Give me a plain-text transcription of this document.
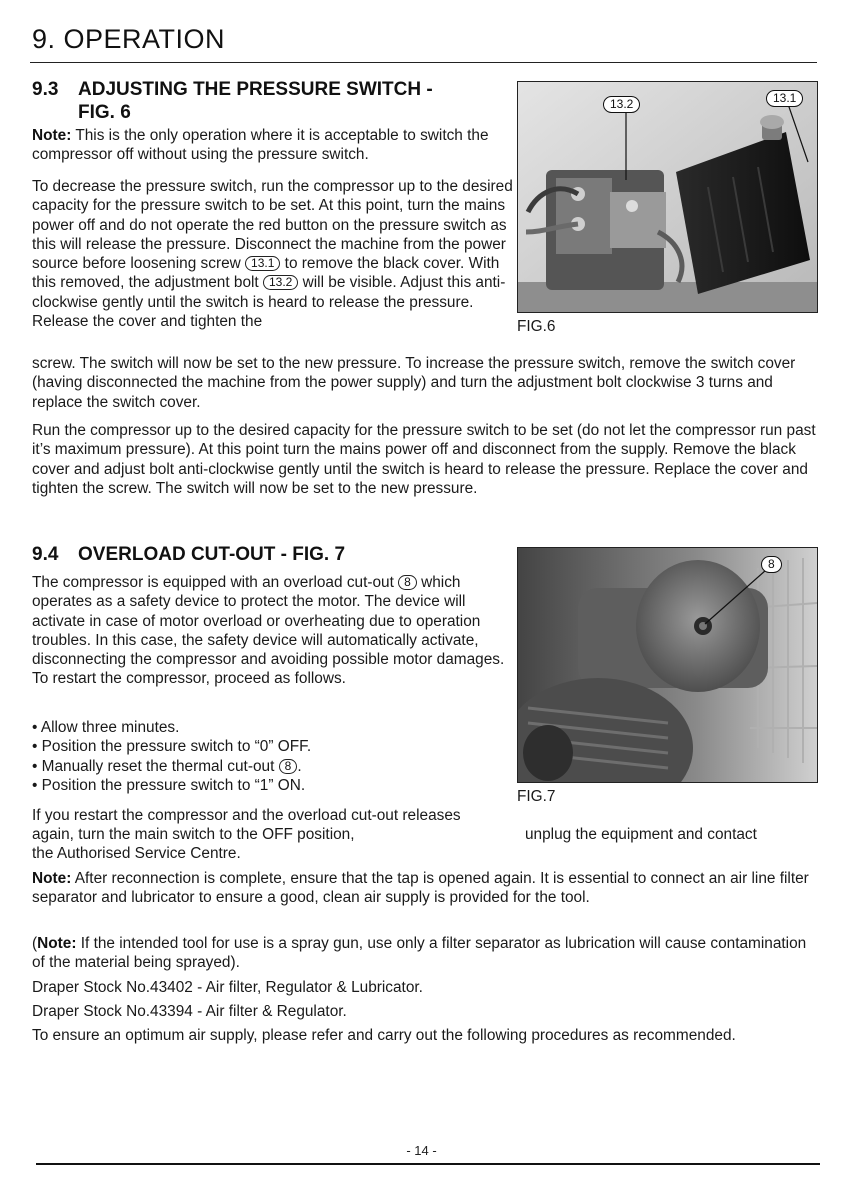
9. OPERATION
9.3 ADJUSTING THE PRESSURE SWITCH -
FIG. 6
Note: This is the only operation where it is acceptable to switch the compressor off without using the pressure switch.
To decrease the pressure switch, run the compressor up to the desired capacity for the pressure switch to be set. At this point, turn the mains power off and do not operate the red button on the pressure switch as this will release the pressure. Disconnect the machine from the power source before loosening screw 13.1 to remove the black cover. With this removed, the adjustment bolt 13.2 will be visible. Adjust this anti-clockwise gently until the switch is heard to release the pressure. Release the cover and tighten the
screw. The switch will now be set to the new pressure. To increase the pressure switch, remove the switch cover (having disconnected the machine from the power supply) and turn the adjustment bolt clockwise 3 turns and replace the switch cover.
Run the compressor up to the desired capacity for the pressure switch to be set (do not let the compressor run past it’s maximum pressure). At this point turn the mains power off and disconnect from the supply. Remove the black cover and adjust bolt anti-clockwise gently until the switch is heard to release the pressure. Replace the cover and tighten the screw. The switch will now be set to the new pressure.
13.2	13.1
FIG.6
9.4 OVERLOAD CUT-OUT - FIG. 7
The compressor is equipped with an overload cut-out 8 which operates as a safety device to protect the motor. The device will activate in case of motor overload or overheating due to operation troubles. In this case, the safety device will automatically activate, disconnecting the compressor and avoiding possible motor damages. To restart the compressor, proceed as follows.
• Allow three minutes.
• Position the pressure switch to “0” OFF.
• Manually reset the thermal cut-out 8 .
• Position the pressure switch to “1” ON.
If you restart the compressor and the overload cut-out releases again, turn the main switch to the OFF position,	unplug the equipment and contact
the Authorised Service Centre.
Note: After reconnection is complete, ensure that the tap is opened again. It is essential to connect an air line filter separator and lubricator to ensure a good, clean air supply is provided for the tool.
(Note: If the intended tool for use is a spray gun, use only a filter separator as lubrication will cause contamination of the material being sprayed).
Draper Stock No.43402 - Air filter, Regulator & Lubricator.
Draper Stock No.43394 - Air filter & Regulator.
To ensure an optimum air supply, please refer and carry out the following procedures as recommended.
8
FIG.7
- 14 -
